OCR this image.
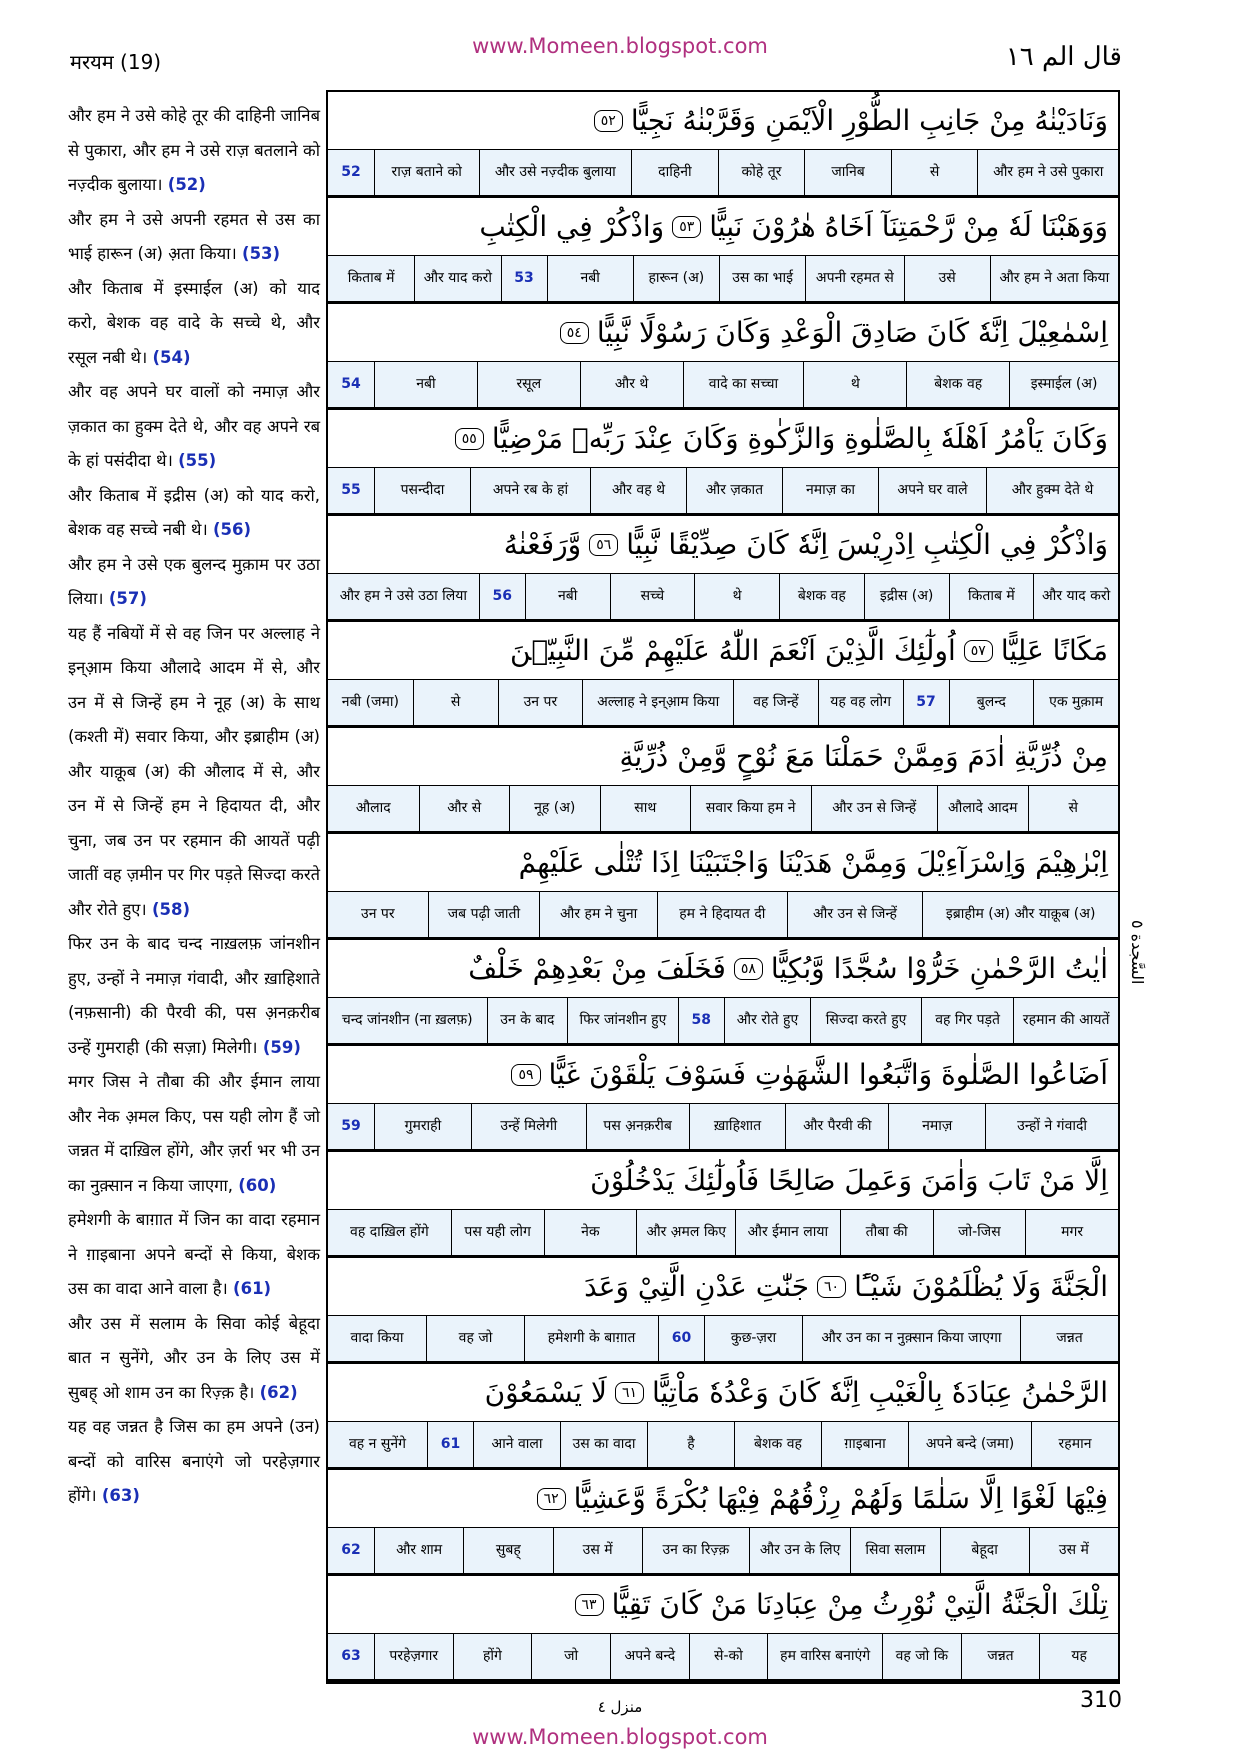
मरयम (19)
www.Momeen.blogspot.com	قال الم ١٦

और हम ने उसे कोहे तूर की दाहिनी जानिब से पुकारा, और हम ने उसे राज़ बतलाने को नज़्दीक बुलाया। (52)

और हम ने उसे अपनी रहमत से उस का भाई हारून (अ) अ़ता किया। (53)

और किताब में इस्माईल (अ) को याद करो, बेशक वह वादे के सच्चे थे, और रसूल नबी थे। (54)

और वह अपने घर वालों को नमाज़ और ज़कात का हुक्म देते थे, और वह अपने रब के हां पसंदीदा थे। (55)

और किताब में इद्रीस (अ) को याद करो, बेशक वह सच्चे नबी थे। (56)

और हम ने उसे एक बुलन्द मुक़ाम पर उठा लिया। (57)

यह हैं नबियों में से वह जिन पर अल्लाह ने इन्आ़म किया औलादे आदम में से, और उन में से जिन्हें हम ने नूह (अ) के साथ (कश्ती में) सवार किया, और इब्राहीम (अ) और याक़ूब (अ) की औलाद में से, और उन में से जिन्हें हम ने हिदायत दी, और चुना, जब उन पर रहमान की आयतें पढ़ी जातीं वह ज़मीन पर गिर पड़ते सिज्दा करते और रोते हुए। (58)

फिर उन के बाद चन्द नाख़लफ़ जांनशीन हुए, उन्हों ने नमाज़ गंवादी, और ख़ाहिशाते (नफ़सानी) की पैरवी की, पस अ़नक़रीब उन्हें गुमराही (की सज़ा) मिलेगी। (59)

मगर जिस ने तौबा की और ईमान लाया और नेक अ़मल किए, पस यही लोग हैं जो जन्नत में दाख़िल होंगे, और ज़र्रा भर भी उन का नुक़्सान न किया जाएगा, (60)

हमेशगी के बाग़ात में जिन का वादा रहमान ने ग़ाइबाना अपने बन्दों से किया, बेशक उस का वादा आने वाला है। (61)

और उस में सलाम के सिवा कोई बेहूदा बात न सुनेंगे, और उन के लिए उस में सुबह्‌ ओ शाम उन का रिज़्क़ है। (62)

यह वह जन्नत है जिस का हम अपने (उन) बन्दों को वारिस बनाएंगे जो परहेज़गार होंगे। (63)

وَنَادَيْنٰهُ مِنْ جَانِبِ الطُّوْرِ الْاَيْمَنِ وَقَرَّبْنٰهُ نَجِيًّا
٥٢
और हम ने उसे पुकारा
से
जानिब
कोहे तूर
दाहिनी
और उसे नज़्दीक बुलाया
राज़ बताने को
52
وَوَهَبْنَا لَهٗ مِنْ رَّحْمَتِنَآ اَخَاهُ هٰرُوْنَ نَبِيًّا
٥٣
وَاذْكُرْ فِي الْكِتٰبِ
और हम ने अता किया
उसे
अपनी रहमत से
उस का भाई
हारून (अ)
नबी
53
और याद करो
किताब में
اِسْمٰعِيْلَ اِنَّهٗ كَانَ صَادِقَ الْوَعْدِ وَكَانَ رَسُوْلًا نَّبِيًّا
٥٤
इस्माईल (अ)
बेशक वह
थे
वादे का सच्चा
और थे
रसूल
नबी
54
وَكَانَ يَاْمُرُ اَهْلَهٗ بِالصَّلٰوةِ وَالزَّكٰوةِ وَكَانَ عِنْدَ رَبِّهٖ مَرْضِيًّا
٥٥
और हुक्म देते थे
अपने घर वाले
नमाज़ का
और ज़कात
और वह थे
अपने रब के हां
पसन्दीदा
55
وَاذْكُرْ فِي الْكِتٰبِ اِدْرِيْسَ اِنَّهٗ كَانَ صِدِّيْقًا نَّبِيًّا
٥٦
وَّرَفَعْنٰهُ
और याद करो
किताब में
इद्रीस (अ)
बेशक वह
थे
सच्चे
नबी
56
और हम ने उसे उठा लिया
مَكَانًا عَلِيًّا
٥٧
اُولٰٓئِكَ الَّذِيْنَ اَنْعَمَ اللّٰهُ عَلَيْهِمْ مِّنَ النَّبِيّٖنَ
एक मुक़ाम
बुलन्द
57
यह वह लोग
वह जिन्हें
अल्लाह ने इन्आ़म किया
उन पर
से
नबी (जमा)
مِنْ ذُرِّيَّةِ اٰدَمَ وَمِمَّنْ حَمَلْنَا مَعَ نُوْحٍ وَّمِنْ ذُرِّيَّةِ
से
औलादे आदम
और उन से जिन्हें
सवार किया हम ने
साथ
नूह (अ)
और से
औलाद
اِبْرٰهِيْمَ وَاِسْرَآءِيْلَ وَمِمَّنْ هَدَيْنَا وَاجْتَبَيْنَا اِذَا تُتْلٰى عَلَيْهِمْ
इब्राहीम (अ) और याक़ूब (अ)
और उन से जिन्हें
हम ने हिदायत दी
और हम ने चुना
जब पढ़ी जाती
उन पर
اٰيٰتُ الرَّحْمٰنِ خَرُّوْا سُجَّدًا وَّبُكِيًّا
٥٨
فَخَلَفَ مِنْ بَعْدِهِمْ خَلْفٌ
रहमान की आयतें
वह गिर पड़ते
सिज्दा करते हुए
और रोते हुए
58
फिर जांनशीन हुए
उन के बाद
चन्द जांनशीन (ना ख़लफ़)
اَضَاعُوا الصَّلٰوةَ وَاتَّبَعُوا الشَّهَوٰتِ فَسَوْفَ يَلْقَوْنَ غَيًّا
٥٩
उन्हों ने गंवादी
नमाज़
और पैरवी की
ख़ाहिशात
पस अ़नक़रीब
उन्हें मिलेगी
गुमराही
59
اِلَّا مَنْ تَابَ وَاٰمَنَ وَعَمِلَ صَالِحًا فَاُولٰٓئِكَ يَدْخُلُوْنَ
मगर
जो-जिस
तौबा की
और ईमान लाया
और अ़मल किए
नेक
पस यही लोग
वह दाख़िल होंगे
الْجَنَّةَ وَلَا يُظْلَمُوْنَ شَيْـًٔا
٦٠
جَنّٰتِ عَدْنِ الَّتِيْ وَعَدَ
जन्नत
और उन का न नुक़्सान किया जाएगा
कुछ-ज़रा
60
हमेशगी के बाग़ात
वह जो
वादा किया
الرَّحْمٰنُ عِبَادَهٗ بِالْغَيْبِ اِنَّهٗ كَانَ وَعْدُهٗ مَاْتِيًّا
٦١
لَا يَسْمَعُوْنَ
रहमान
अपने बन्दे (जमा)
ग़ाइबाना
बेशक वह
है
उस का वादा
आने वाला
61
वह न सुनेंगे
فِيْهَا لَغْوًا اِلَّا سَلٰمًا وَلَهُمْ رِزْقُهُمْ فِيْهَا بُكْرَةً وَّعَشِيًّا
٦٢
उस में
बेहूदा
सिवा सलाम
और उन के लिए
उन का रिज़्क़
उस में
सुबह्‌
और शाम
62
تِلْكَ الْجَنَّةُ الَّتِيْ نُوْرِثُ مِنْ عِبَادِنَا مَنْ كَانَ تَقِيًّا
٦٣
यह
जन्नत
वह जो कि
हम वारिस बनाएंगे
से-को
अपने बन्दे
जो
होंगे
परहेज़गार
63
السَّجدة ٥
منزل ٤	310
www.Momeen.blogspot.com
